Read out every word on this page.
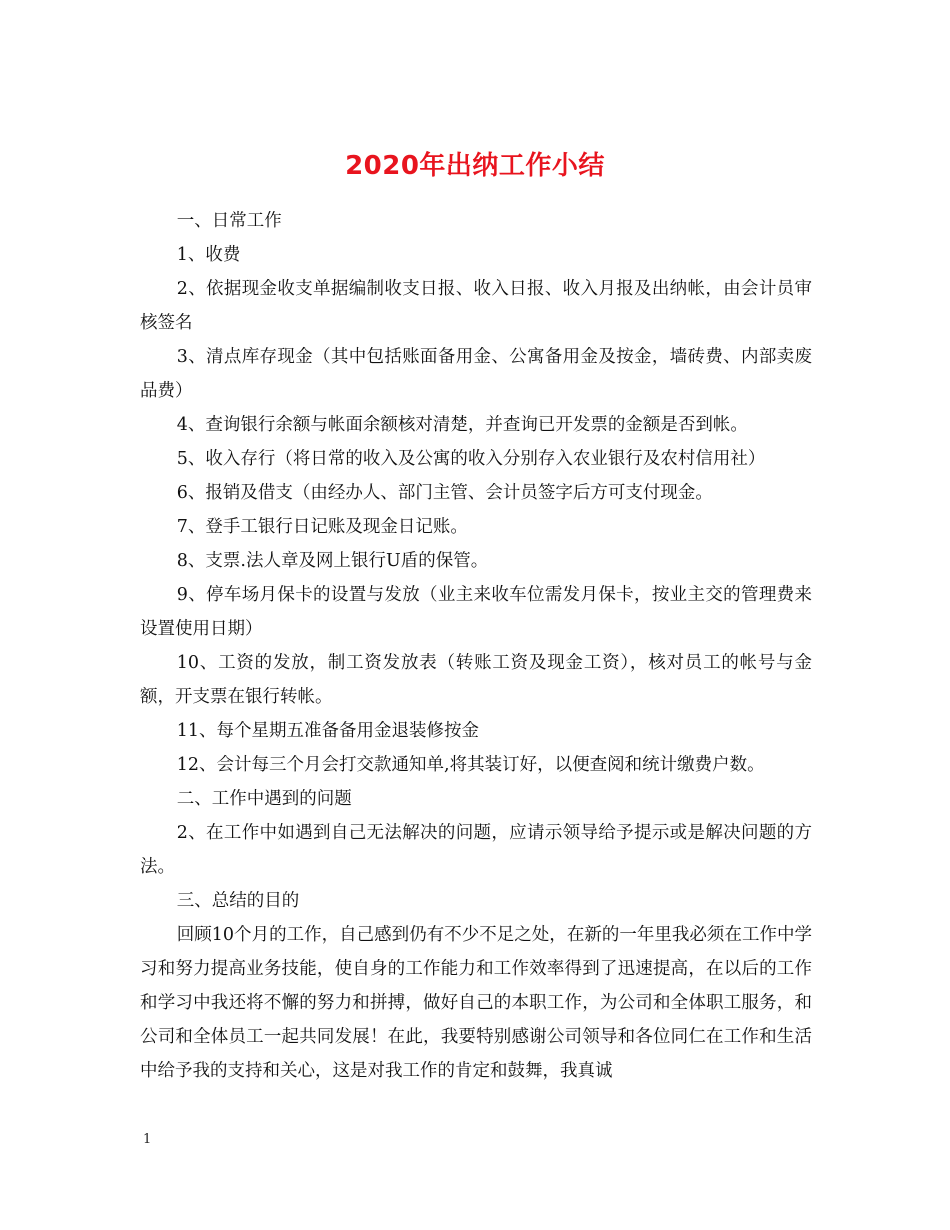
2020年出纳工作小结

一、日常工作

1、收费

2、依据现金收支单据编制收支日报、收入日报、收入月报及出纳帐，由会计员审核签名

3、清点库存现金（其中包括账面备用金、公寓备用金及按金，墙砖费、内部卖废品费）

4、查询银行余额与帐面余额核对清楚，并查询已开发票的金额是否到帐。

5、收入存行（将日常的收入及公寓的收入分别存入农业银行及农村信用社）

6、报销及借支（由经办人、部门主管、会计员签字后方可支付现金。

7、登手工银行日记账及现金日记账。

8、支票.法人章及网上银行U盾的保管。

9、停车场月保卡的设置与发放（业主来收车位需发月保卡，按业主交的管理费来设置使用日期）

10、工资的发放，制工资发放表（转账工资及现金工资），核对员工的帐号与金额，开支票在银行转帐。

11、每个星期五准备备用金退装修按金

12、会计每三个月会打交款通知单,将其装订好，以便查阅和统计缴费户数。

二、工作中遇到的问题

2、在工作中如遇到自己无法解决的问题，应请示领导给予提示或是解决问题的方法。

三、总结的目的

回顾10个月的工作，自己感到仍有不少不足之处，在新的一年里我必须在工作中学习和努力提高业务技能，使自身的工作能力和工作效率得到了迅速提高，在以后的工作和学习中我还将不懈的努力和拼搏，做好自己的本职工作，为公司和全体职工服务，和公司和全体员工一起共同发展！在此，我要特别感谢公司领导和各位同仁在工作和生活中给予我的支持和关心，这是对我工作的肯定和鼓舞，我真诚

1
